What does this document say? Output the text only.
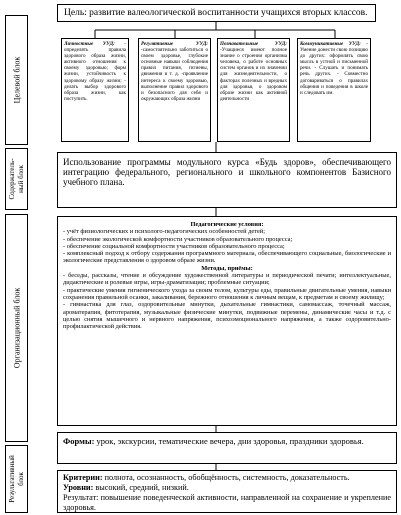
Целевой блок
Содержатель-
ный блок
Организационный блок
Результативный
блок
Цель: развитие валеологической воспитанности учащихся вторых классов.

Личностные УУД: - определять правила здорового образа жизни, активного отношения к своему здоровью; форм жизни, устойчивость к здоровому образу жизни; - делать выбор здорового образа жизни, как поступить.

Регулятивные УУД: -самостоятельно заботиться о своем здоровье, глубокие основные навыки соблюдения правил питания, гигиены, движения и т. д. -проявление интереса к своему здоровью, выполнение правил здорового и безопасного для себя и окружающих образа жизни

Познавательные УУД: -Учащиеся имеют полное знание о строении организма человека, о работе основных систем органов и их значении для жизнедеятельности, о факторах полезных и вредных для здоровья, о здоровом образе жизни как активной деятельности

Коммуникативные УУД: - Умение донести свою позицию до других: оформлять свою мысль в устной и письменной речи. - Слушать и понимать речь других. - Совместно договариваться о правилах общения и поведения в школе и следовать им.

Использование программы модульного курса «Будь здоров», обеспечивающего интеграцию федерального, регионального и школьного компонентов Базисного учебного плана.
Педагогические условия:
- учёт физиологических и психолого-педагогических особенностей детей;
- обеспечение экологической комфортности участников образовательного процесса;
- обеспечение социальной комфортности участников образовательного процесса;
- комплексный подход к отбору содержания программного материала, обеспечивающего социальные, биологические и экологические представления о здоровом образе жизни.
Методы, приёмы:
- беседы, рассказы, чтение и обсуждение художественной литературы и периодической печати; интеллектуальные, дидактические и ролевые игры, игры-драматизации; проблемные ситуации;
- практические умения гигиенического ухода за своим телом, культуры еды, правильные двигательные умения, навыки сохранения правильной осанки, закаливания, бережного отношения к личным вещам, к предметам и своему жилищу;
- гимнастика для глаз, оздоровительные минутки, дыхательные гимнастики, самомассаж, точечный массаж, ароматерапия, фитотерапия, музыкальные физические минутки, подвижные перемены, динамические часы и т.д. с целью снятия мышечного и нервного напряжения, психоэмоционального напряжения, а также оздоровительно-профилактической действия.
Формы: урок, экскурсии, тематические вечера, дни здоровья, праздники здоровья.
Критерии: полнота, осознанность, обобщённость, системность, доказательность.
Уровни: высокий, средний, низкий.
Результат: повышение поведенческой активности, направленной на сохранение и укрепление здоровья.
